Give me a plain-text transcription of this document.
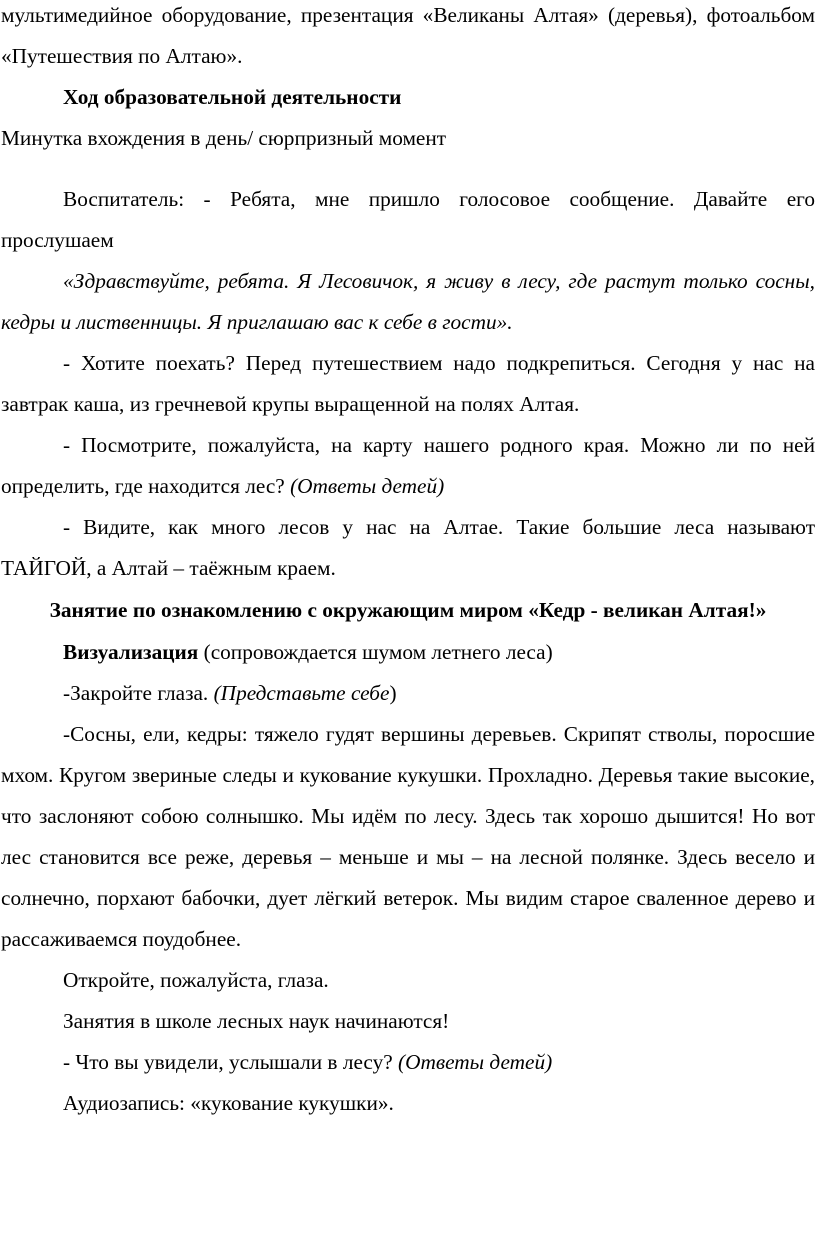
мультимедийное оборудование, презентация «Великаны Алтая» (деревья), фотоальбом «Путешествия по Алтаю».

Ход образовательной деятельности

Минутка вхождения в день/ сюрпризный момент

Воспитатель: - Ребята, мне пришло голосовое сообщение. Давайте его прослушаем

«Здравствуйте, ребята. Я Лесовичок, я живу в лесу, где растут только сосны, кедры и лиственницы. Я приглашаю вас к себе в гости».

- Хотите поехать? Перед путешествием надо подкрепиться. Сегодня у нас на завтрак каша, из гречневой крупы выращенной на полях Алтая.

- Посмотрите, пожалуйста, на карту нашего родного края. Можно ли по ней определить, где находится лес? (Ответы детей)

- Видите, как много лесов у нас на Алтае. Такие большие леса называют ТАЙГОЙ, а Алтай – таёжным краем.

Занятие по ознакомлению с окружающим миром «Кедр - великан Алтая!»

Визуализация (сопровождается шумом летнего леса)

-Закройте глаза. (Представьте себе)

-Сосны, ели, кедры: тяжело гудят вершины деревьев. Скрипят стволы, поросшие мхом. Кругом звериные следы и кукование кукушки. Прохладно. Деревья такие высокие, что заслоняют собою солнышко. Мы идём по лесу. Здесь так хорошо дышится! Но вот лес становится все реже, деревья – меньше и мы – на лесной полянке. Здесь весело и солнечно, порхают бабочки, дует лёгкий ветерок. Мы видим старое сваленное дерево и рассаживаемся поудобнее.

Откройте, пожалуйста, глаза.

Занятия в школе лесных наук начинаются!

- Что вы увидели, услышали в лесу? (Ответы детей)

Аудиозапись: «кукование кукушки».
